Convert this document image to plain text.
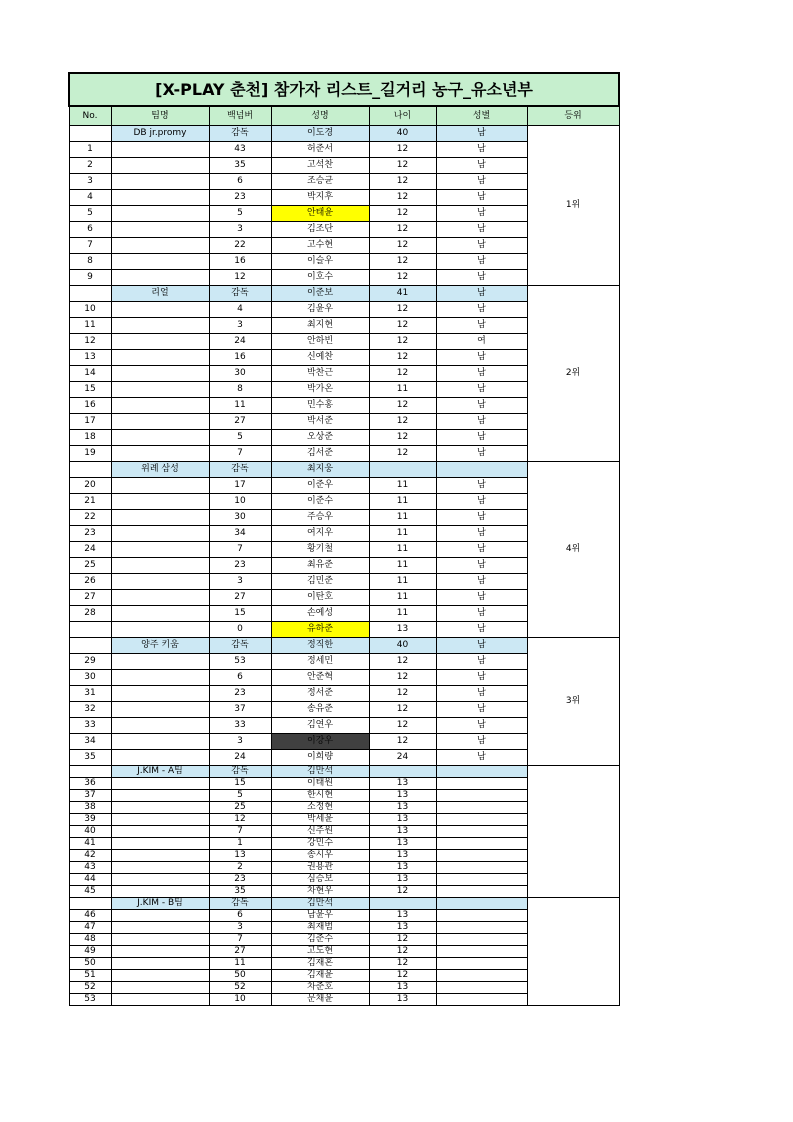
[X-PLAY 춘천] 참가자 리스트_길거리 농구_유소년부						
No.	팀명	백넘버	성명	나이	성별	등위
	DB jr.promy	감독	이도경	40	남	1위
1		43	허준서	12	남	
2		35	고석찬	12	남	
3		6	조승균	12	남	
4		23	박지후	12	남	
5		5	안태윤	12	남	
6		3	김조단	12	남	
7		22	고수현	12	남	
8		16	이슬우	12	남	
9		12	이호수	12	남	
	리얼	감독	이준보	41	남	2위
10		4	김윤우	12	남	
11		3	최지현	12	남	
12		24	안하빈	12	여	
13		16	신예찬	12	남	
14		30	박찬근	12	남	
15		8	박가온	11	남	
16		11	민수홍	12	남	
17		27	박서준	12	남	
18		5	오상준	12	남	
19		7	김서준	12	남	
	위례 삼성	감독	최지웅			4위
20		17	이준우	11	남	
21		10	이준수	11	남	
22		30	주승우	11	남	
23		34	여지우	11	남	
24		7	황기철	11	남	
25		23	최유준	11	남	
26		3	김민준	11	남	
27		27	이탄호	11	남	
28		15	손예성	11	남	
		0	유하준	13	남	
	양주 키움	감독	정직한	40	남	3위
29		53	정세민	12	남	
30		6	안준혁	12	남	
31		23	정서준	12	남	
32		37	송유준	12	남	
33		33	김연우	12	남	
34		3	이강우	12	남	
35		24	이희량	24	남	
	J.KIM - A팀	감독	김만석			
36		15	이태원	13		
37		5	한시현	13		
38		25	소정현	13		
39		12	박세윤	13		
40		7	신주원	13		
41		1	강민수	13		
42		13	송시우	13		
43		2	권용관	13		
44		23	심승보	13		
45		35	차현우	12		
	J.KIM - B팀	감독	김만석			
46		6	남윤우	13		
47		3	최재범	13		
48		7	김준수	12		
49		27	고도현	12		
50		11	김재혼	12		
51		50	김재윤	12		
52		52	차준호	13		
53		10	문채윤	13		
